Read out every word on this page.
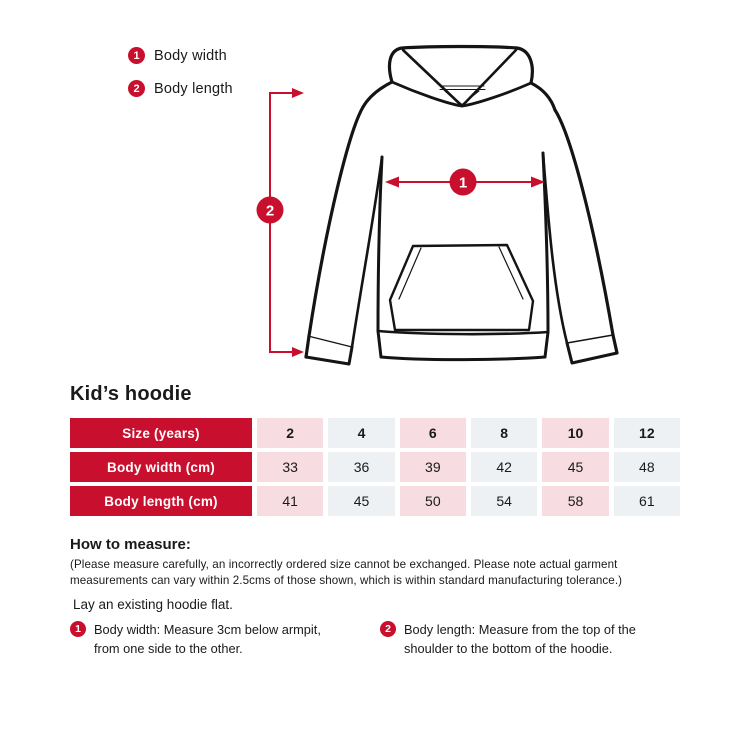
1 Body width
2 Body length
1
2
Kid’s hoodie
Size (years)	2	4	6	8	10	12
Body width (cm)	33	36	39	42	45	48
Body length (cm)	41	45	50	54	58	61
How to measure:

(Please measure carefully, an incorrectly ordered size cannot be exchanged. Please note actual garment measurements can vary within 2.5cms of those shown, which is within standard manufacturing tolerance.)

Lay an existing hoodie flat.

1	Body width: Measure 3cm below armpit, from one side to the other.
2	Body length: Measure from the top of the shoulder to the bottom of the hoodie.
